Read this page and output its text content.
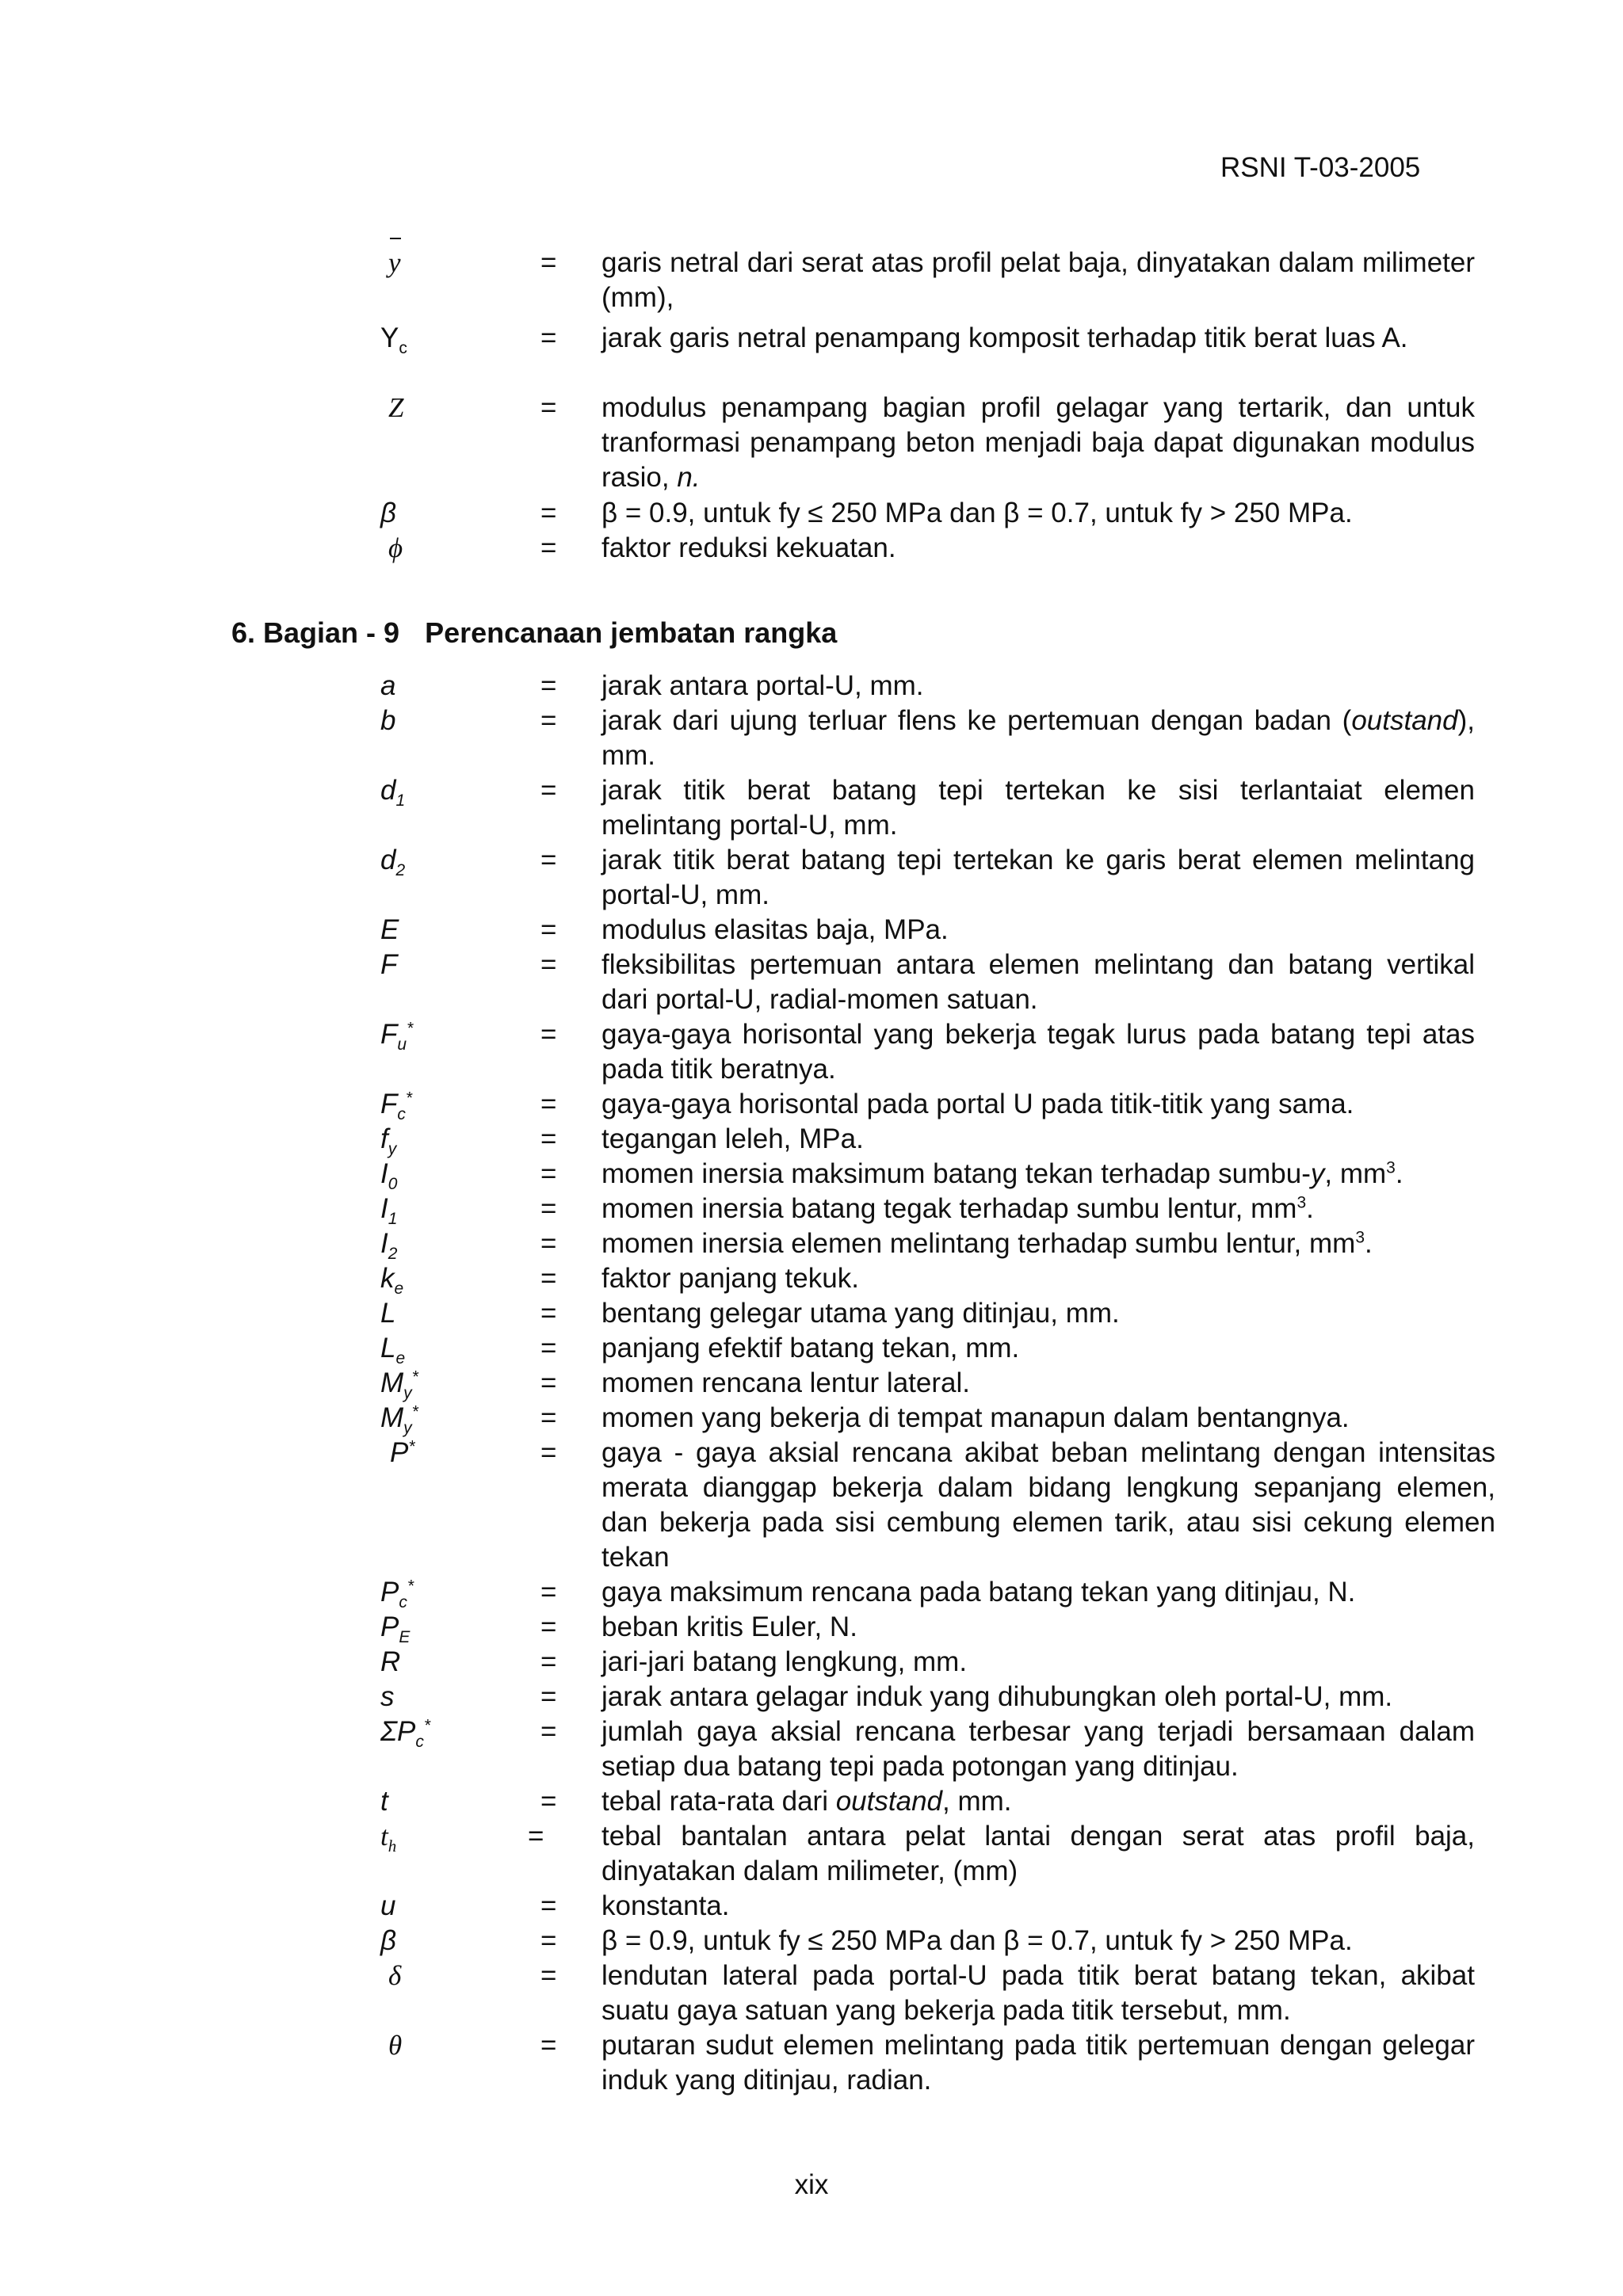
RSNI T-03-2005
y	= garis netral dari serat atas profil pelat baja, dinyatakan dalam milimeter (mm),
$Y_c$	= jarak garis netral penampang komposit terhadap titik berat luas A.
Z	= modulus penampang bagian profil gelagar yang tertarik, dan untuk tranformasi penampang beton menjadi baja dapat digunakan modulus rasio, n.
β	= β = 0.9, untuk fy ≤ 250 MPa dan β = 0.7, untuk fy > 250 MPa.
ϕ	= faktor reduksi kekuatan.
6. Bagian - 9 Perencanaan jembatan rangka
a	= jarak antara portal-U, mm.
b	= jarak dari ujung terluar flens ke pertemuan dengan badan (outstand), mm.
$d_1$	= jarak titik berat batang tepi tertekan ke sisi terlantaiat elemen melintang portal-U, mm.
$d_2$	= jarak titik berat batang tepi tertekan ke garis berat elemen melintang portal-U, mm.
E	= modulus elasitas baja, MPa.
F	= fleksibilitas pertemuan antara elemen melintang dan batang vertikal dari portal-U, radial-momen satuan.
$F_u^*$	= gaya-gaya horisontal yang bekerja tegak lurus pada batang tepi atas pada titik beratnya.
$F_c^*$	= gaya-gaya horisontal pada portal U pada titik-titik yang sama.
$f_y$	= tegangan leleh, MPa.
$I_0$	= momen inersia maksimum batang tekan terhadap sumbu-y, $mm^3$.
$I_1$	= momen inersia batang tegak terhadap sumbu lentur, $mm^3$.
$I_2$	= momen inersia elemen melintang terhadap sumbu lentur, $mm^3$.
$k_e$	= faktor panjang tekuk.
L	= bentang gelegar utama yang ditinjau, mm.
$L_e$	= panjang efektif batang tekan, mm.
$M_y^*$	= momen rencana lentur lateral.
$M_y^*$	= momen yang bekerja di tempat manapun dalam bentangnya.
P*	= gaya - gaya aksial rencana akibat beban melintang dengan intensitas merata dianggap bekerja dalam bidang lengkung sepanjang elemen, dan bekerja pada sisi cembung elemen tarik, atau sisi cekung elemen tekan
$P_c^*$	= gaya maksimum rencana pada batang tekan yang ditinjau, N.
$P_E$	= beban kritis Euler, N.
R	= jari-jari batang lengkung, mm.
s	= jarak antara gelagar induk yang dihubungkan oleh portal-U, mm.
$\Sigma P_c^*$	= jumlah gaya aksial rencana terbesar yang terjadi bersamaan dalam setiap dua batang tepi pada potongan yang ditinjau.
t	= tebal rata-rata dari outstand, mm.
$t_h$	= tebal bantalan antara pelat lantai dengan serat atas profil baja, dinyatakan dalam milimeter, (mm)
u	= konstanta.
β	= β = 0.9, untuk fy ≤ 250 MPa dan β = 0.7, untuk fy > 250 MPa.
δ	= lendutan lateral pada portal-U pada titik berat batang tekan, akibat suatu gaya satuan yang bekerja pada titik tersebut, mm.
θ	= putaran sudut elemen melintang pada titik pertemuan dengan gelegar induk yang ditinjau, radian.
xix
